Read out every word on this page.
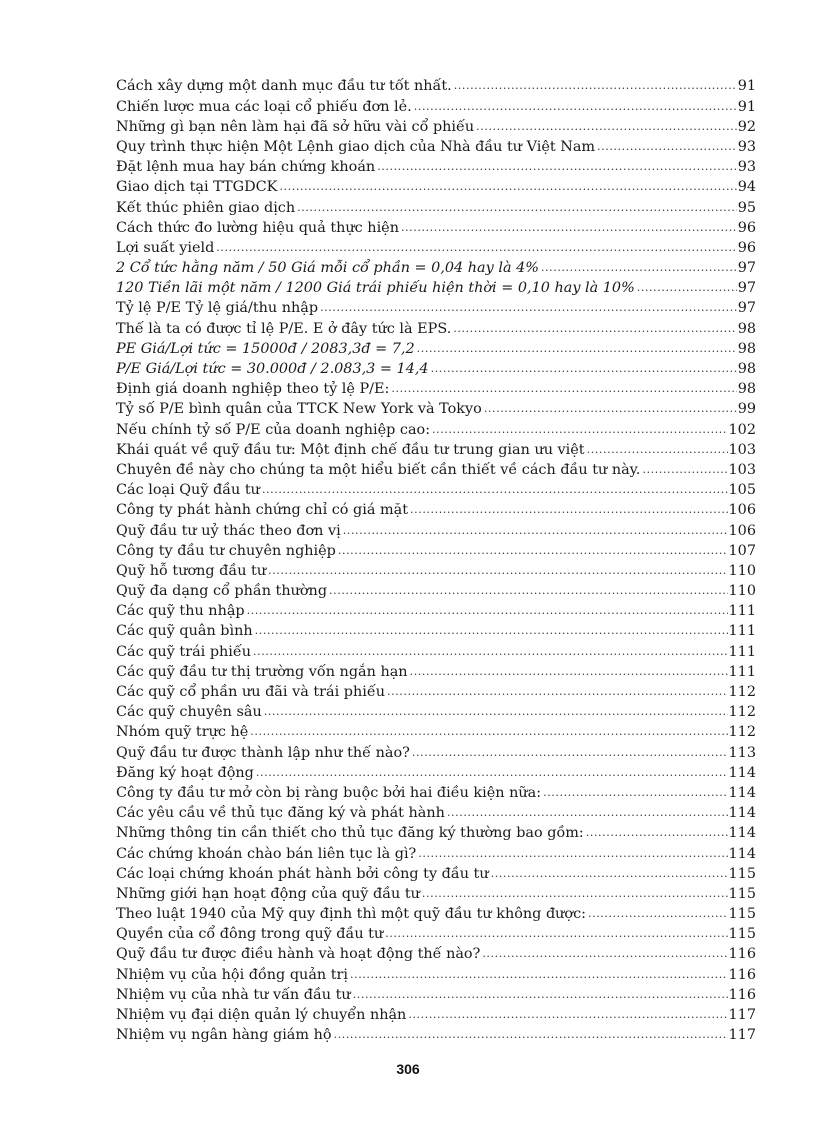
Cách xây dựng một danh mục đầu tư tốt nhất. .....	91
Chiến lược mua các loại cổ phiếu đơn lẻ. .....	91
Những gì bạn nên làm hại đã sở hữu vài cổ phiếu .....	92
Quy trình thực hiện Một Lệnh giao dịch của Nhà đầu tư Việt Nam .....	93
Đặt lệnh mua hay bán chứng khoán .....	93
Giao dịch tại TTGDCK .....	94
Kết thúc phiên giao dịch .....	95
Cách thức đo lường hiệu quả thực hiện .....	96
Lợi suất yield .....	96
2 Cổ tức hằng năm / 50 Giá mỗi cổ phần = 0,04 hay là 4% .....	97
120 Tiền lãi một năm / 1200 Giá trái phiếu hiện thời = 0,10 hay là 10% .....	97
Tỷ lệ P/E Tỷ lệ giá/thu nhập .....	97
Thế là ta có được tỉ lệ P/E. E ở đây tức là EPS. .....	98
PE Giá/Lợi tức = 15000đ / 2083,3đ = 7,2 .....	98
P/E Giá/Lợi tức = 30.000đ / 2.083,3 = 14,4 .....	98
Định giá doanh nghiệp theo tỷ lệ P/E: .....	98
Tỷ số P/E bình quân của TTCK New York và Tokyo .....	99
Nếu chính tỷ số P/E của doanh nghiệp cao: .....	102
Khái quát về quỹ đầu tư: Một định chế đầu tư trung gian ưu việt .....	103
Chuyên đề này cho chúng ta một hiểu biết cần thiết về cách đầu tư này. .....	103
Các loại Quỹ đầu tư .....	105
Công ty phát hành chứng chỉ có giá mặt .....	106
Quỹ đầu tư uỷ thác theo đơn vị .....	106
Công ty đầu tư chuyên nghiệp .....	107
Quỹ hỗ tương đầu tư .....	110
Quỹ đa dạng cổ phần thường .....	110
Các quỹ thu nhập .....	111
Các quỹ quân bình .....	111
Các quỹ trái phiếu .....	111
Các quỹ đầu tư thị trường vốn ngắn hạn .....	111
Các quỹ cổ phần ưu đãi và trái phiếu .....	112
Các quỹ chuyên sâu .....	112
Nhóm quỹ trực hệ .....	112
Quỹ đầu tư được thành lập như thế nào? .....	113
Đăng ký hoạt động .....	114
Công ty đầu tư mở còn bị ràng buộc bởi hai điều kiện nữa: .....	114
Các yêu cầu về thủ tục đăng ký và phát hành .....	114
Những thông tin cần thiết cho thủ tục đăng ký thường bao gồm: .....	114
Các chứng khoán chào bán liên tục là gì? .....	114
Các loại chứng khoán phát hành bởi công ty đầu tư .....	115
Những giới hạn hoạt động của quỹ đầu tư .....	115
Theo luật 1940 của Mỹ quy định thì một quỹ đầu tư không được: .....	115
Quyền của cổ đông trong quỹ đầu tư .....	115
Quỹ đầu tư được điều hành và hoạt động thế nào? .....	116
Nhiệm vụ của hội đồng quản trị .....	116
Nhiệm vụ của nhà tư vấn đầu tư .....	116
Nhiệm vụ đại diện quản lý chuyển nhận .....	117
Nhiệm vụ ngân hàng giám hộ .....	117
306
